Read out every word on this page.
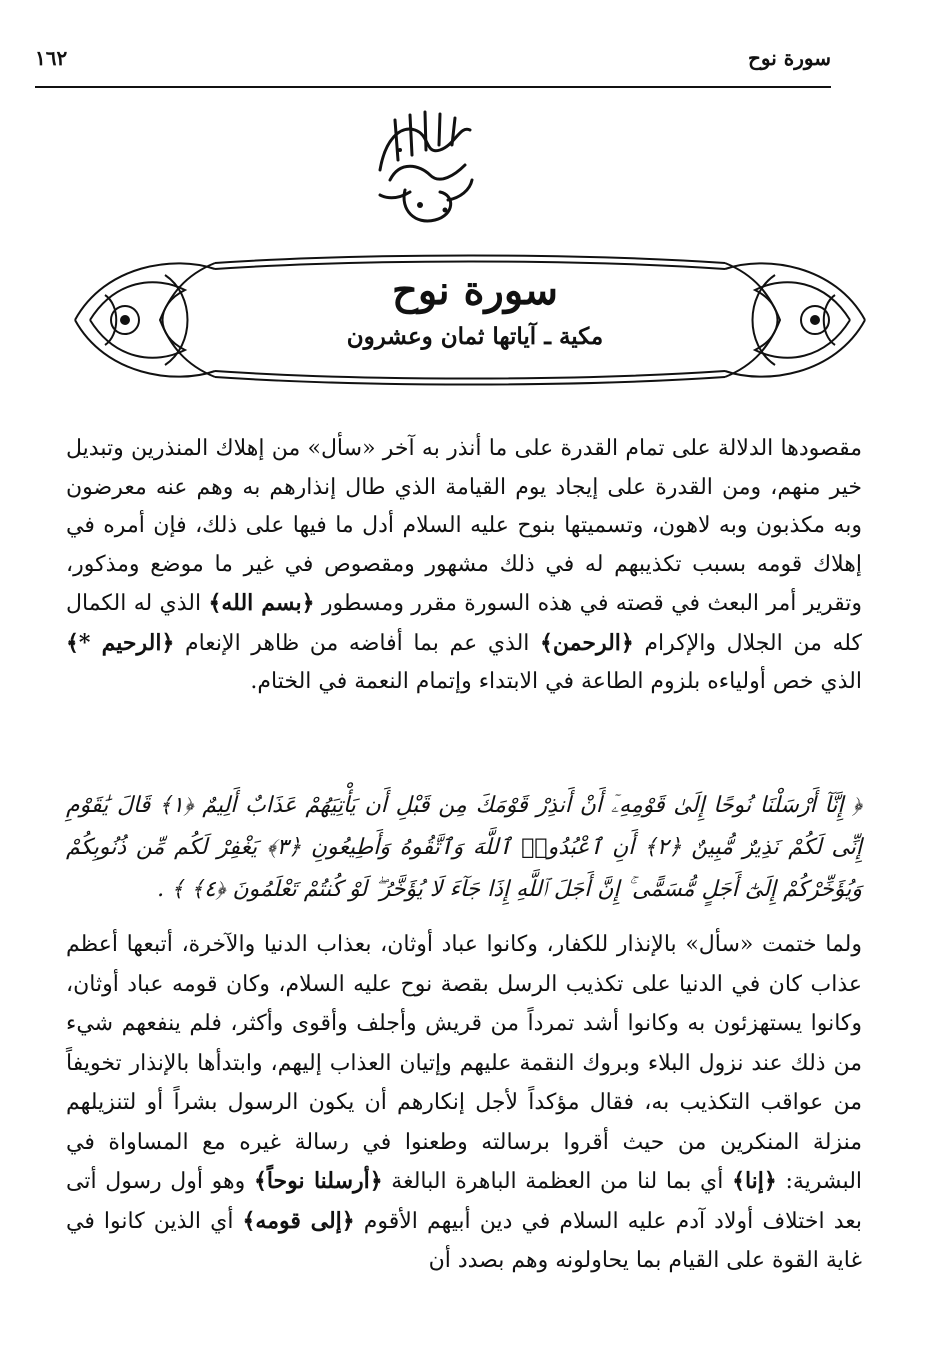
سورة نوح
١٦٢
سورة نوح
مكية ـ آياتها ثمان وعشرون

مقصودها الدلالة على تمام القدرة على ما أنذر به آخر «سأل» من إهلاك المنذرين وتبديل خير منهم، ومن القدرة على إيجاد يوم القيامة الذي طال إنذارهم به وهم عنه معرضون وبه مكذبون وبه لاهون، وتسميتها بنوح عليه السلام أدل ما فيها على ذلك، فإن أمره في إهلاك قومه بسبب تكذيبهم له في ذلك مشهور ومقصوص في غير ما موضع ومذكور، وتقرير أمر البعث في قصته في هذه السورة مقرر ومسطور ﴿بسم الله﴾ الذي له الكمال كله من الجلال والإكرام ﴿الرحمن﴾ الذي عم بما أفاضه من ظاهر الإنعام ﴿الرحيم *﴾ الذي خص أولياءه بلزوم الطاعة في الابتداء وإتمام النعمة في الختام.

﴿ إِنَّآ أَرْسَلْنَا نُوحًا إِلَىٰ قَوْمِهِۦٓ أَنْ أَنذِرْ قَوْمَكَ مِن قَبْلِ أَن يَأْتِيَهُمْ عَذَابٌ أَلِيمٌ ﴿١﴾ قَالَ يَٰقَوْمِ إِنِّى لَكُمْ نَذِيرٌ مُّبِينٌ ﴿٢﴾ أَنِ ٱعْبُدُوا۟ ٱللَّهَ وَٱتَّقُوهُ وَأَطِيعُونِ ﴿٣﴾ يَغْفِرْ لَكُم مِّن ذُنُوبِكُمْ وَيُؤَخِّرْكُمْ إِلَىٰٓ أَجَلٍ مُّسَمًّى ۚ إِنَّ أَجَلَ ٱللَّهِ إِذَا جَآءَ لَا يُؤَخَّرُ ۖ لَوْ كُنتُمْ تَعْلَمُونَ ﴿٤﴾ ﴾ .

ولما ختمت «سأل» بالإنذار للكفار، وكانوا عباد أوثان، بعذاب الدنيا والآخرة، أتبعها أعظم عذاب كان في الدنيا على تكذيب الرسل بقصة نوح عليه السلام، وكان قومه عباد أوثان، وكانوا يستهزئون به وكانوا أشد تمرداً من قريش وأجلف وأقوى وأكثر، فلم ينفعهم شيء من ذلك عند نزول البلاء وبروك النقمة عليهم وإتيان العذاب إليهم، وابتدأها بالإنذار تخويفاً من عواقب التكذيب به، فقال مؤكداً لأجل إنكارهم أن يكون الرسول بشراً أو لتنزيلهم منزلة المنكرين من حيث أقروا برسالته وطعنوا في رسالة غيره مع المساواة في البشرية: ﴿إنا﴾ أي بما لنا من العظمة الباهرة البالغة ﴿أرسلنا نوحاً﴾ وهو أول رسول أتى بعد اختلاف أولاد آدم عليه السلام في دين أبيهم الأقوم ﴿إلى قومه﴾ أي الذين كانوا في غاية القوة على القيام بما يحاولونه وهم بصدد أن
